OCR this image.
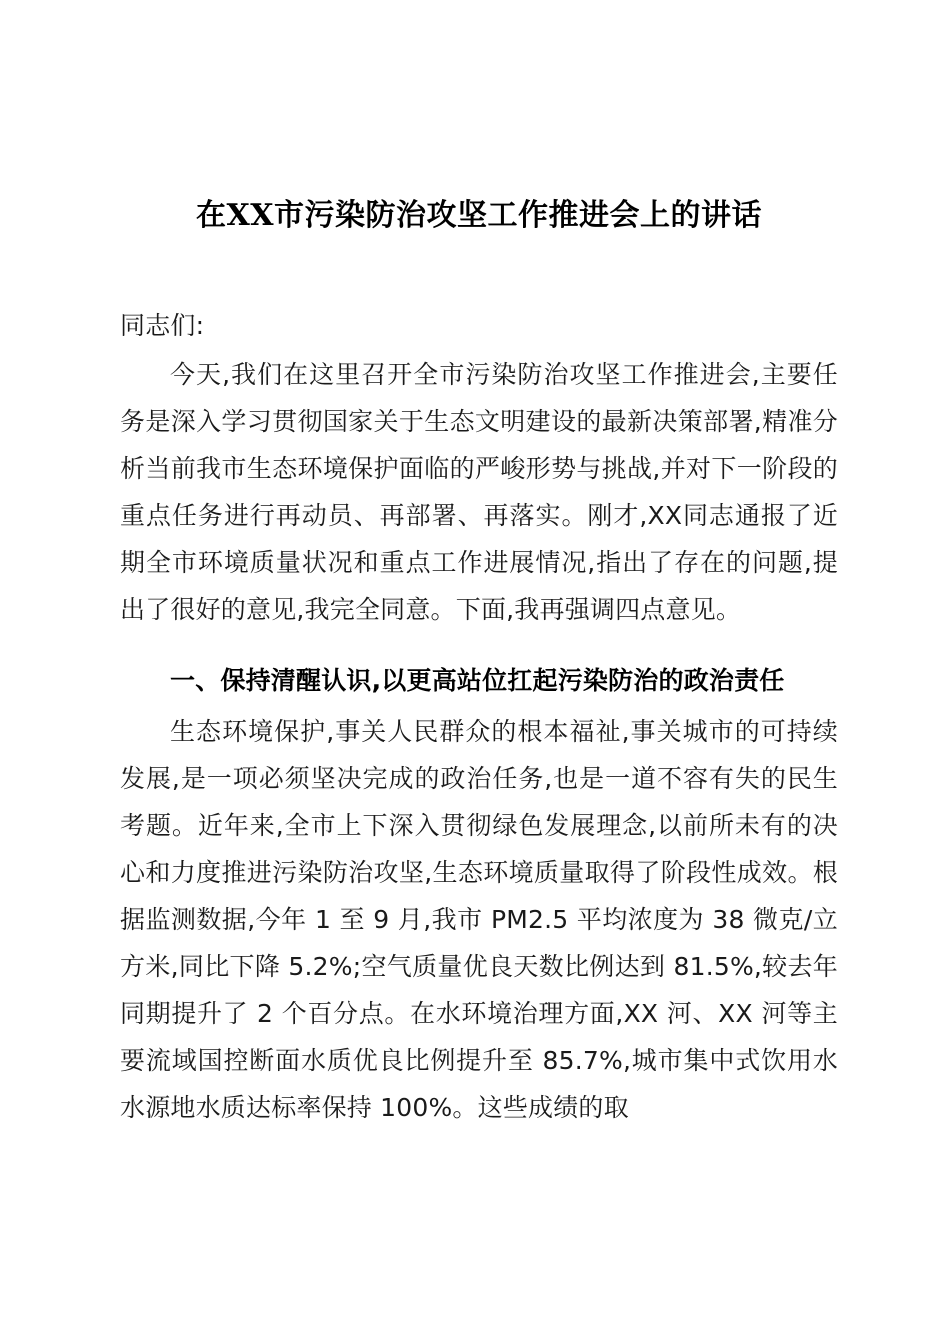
在XX市污染防治攻坚工作推进会上的讲话

同志们:

今天,我们在这里召开全市污染防治攻坚工作推进会,主要任务是深入学习贯彻国家关于生态文明建设的最新决策部署,精准分析当前我市生态环境保护面临的严峻形势与挑战,并对下一阶段的重点任务进行再动员、再部署、再落实。刚才,XX同志通报了近期全市环境质量状况和重点工作进展情况,指出了存在的问题,提出了很好的意见,我完全同意。下面,我再强调四点意见。

一、保持清醒认识,以更高站位扛起污染防治的政治责任

生态环境保护,事关人民群众的根本福祉,事关城市的可持续发展,是一项必须坚决完成的政治任务,也是一道不容有失的民生考题。近年来,全市上下深入贯彻绿色发展理念,以前所未有的决心和力度推进污染防治攻坚,生态环境质量取得了阶段性成效。根据监测数据,今年 1 至 9 月,我市 PM2.5 平均浓度为 38 微克/立方米,同比下降 5.2%;空气质量优良天数比例达到 81.5%,较去年同期提升了 2 个百分点。在水环境治理方面,XX 河、XX 河等主要流域国控断面水质优良比例提升至 85.7%,城市集中式饮用水水源地水质达标率保持 100%。这些成绩的取
